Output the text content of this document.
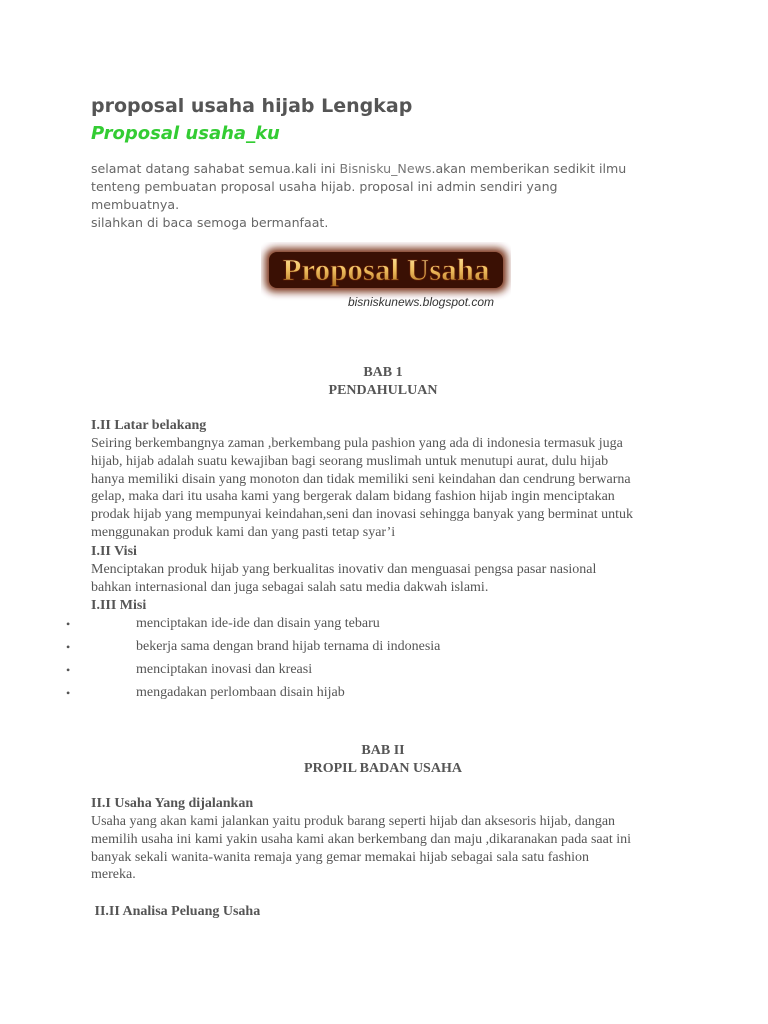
proposal usaha hijab Lengkap
Proposal usaha_ku

selamat datang sahabat semua.kali ini Bisnisku_News.akan memberikan sedikit ilmu

tenteng pembuatan proposal usaha hijab. proposal ini admin sendiri yang

membuatnya.

silahkan di baca semoga bermanfaat.

Proposal Usaha
bisniskunews.blogspot.com
BAB 1
PENDAHULUAN
I.II Latar belakang
Seiring berkembangnya zaman ,berkembang pula pashion yang ada di indonesia termasuk juga
hijab, hijab adalah suatu kewajiban bagi seorang muslimah untuk menutupi aurat, dulu hijab
hanya memiliki disain yang monoton dan tidak memiliki seni keindahan dan cendrung berwarna
gelap, maka dari itu usaha kami yang bergerak dalam bidang fashion hijab ingin menciptakan
prodak hijab yang mempunyai keindahan,seni dan inovasi sehingga banyak yang berminat untuk
menggunakan produk kami dan yang pasti tetap syar’i
I.II Visi
Menciptakan produk hijab yang berkualitas inovativ dan menguasai pengsa pasar nasional
bahkan internasional dan juga sebagai salah satu media dakwah islami.
I.III Misi
•	menciptakan ide-ide dan disain yang tebaru
•	bekerja sama dengan brand hijab ternama di indonesia
•	menciptakan inovasi dan kreasi
•	mengadakan perlombaan disain hijab
BAB II
PROPIL BADAN USAHA
II.I Usaha Yang dijalankan
Usaha yang akan kami jalankan yaitu produk barang seperti hijab dan aksesoris hijab, dangan
memilih usaha ini kami yakin usaha kami akan berkembang dan maju ,dikaranakan pada saat ini
banyak sekali wanita-wanita remaja yang gemar memakai hijab sebagai sala satu fashion
mereka.
II.II Analisa Peluang Usaha
